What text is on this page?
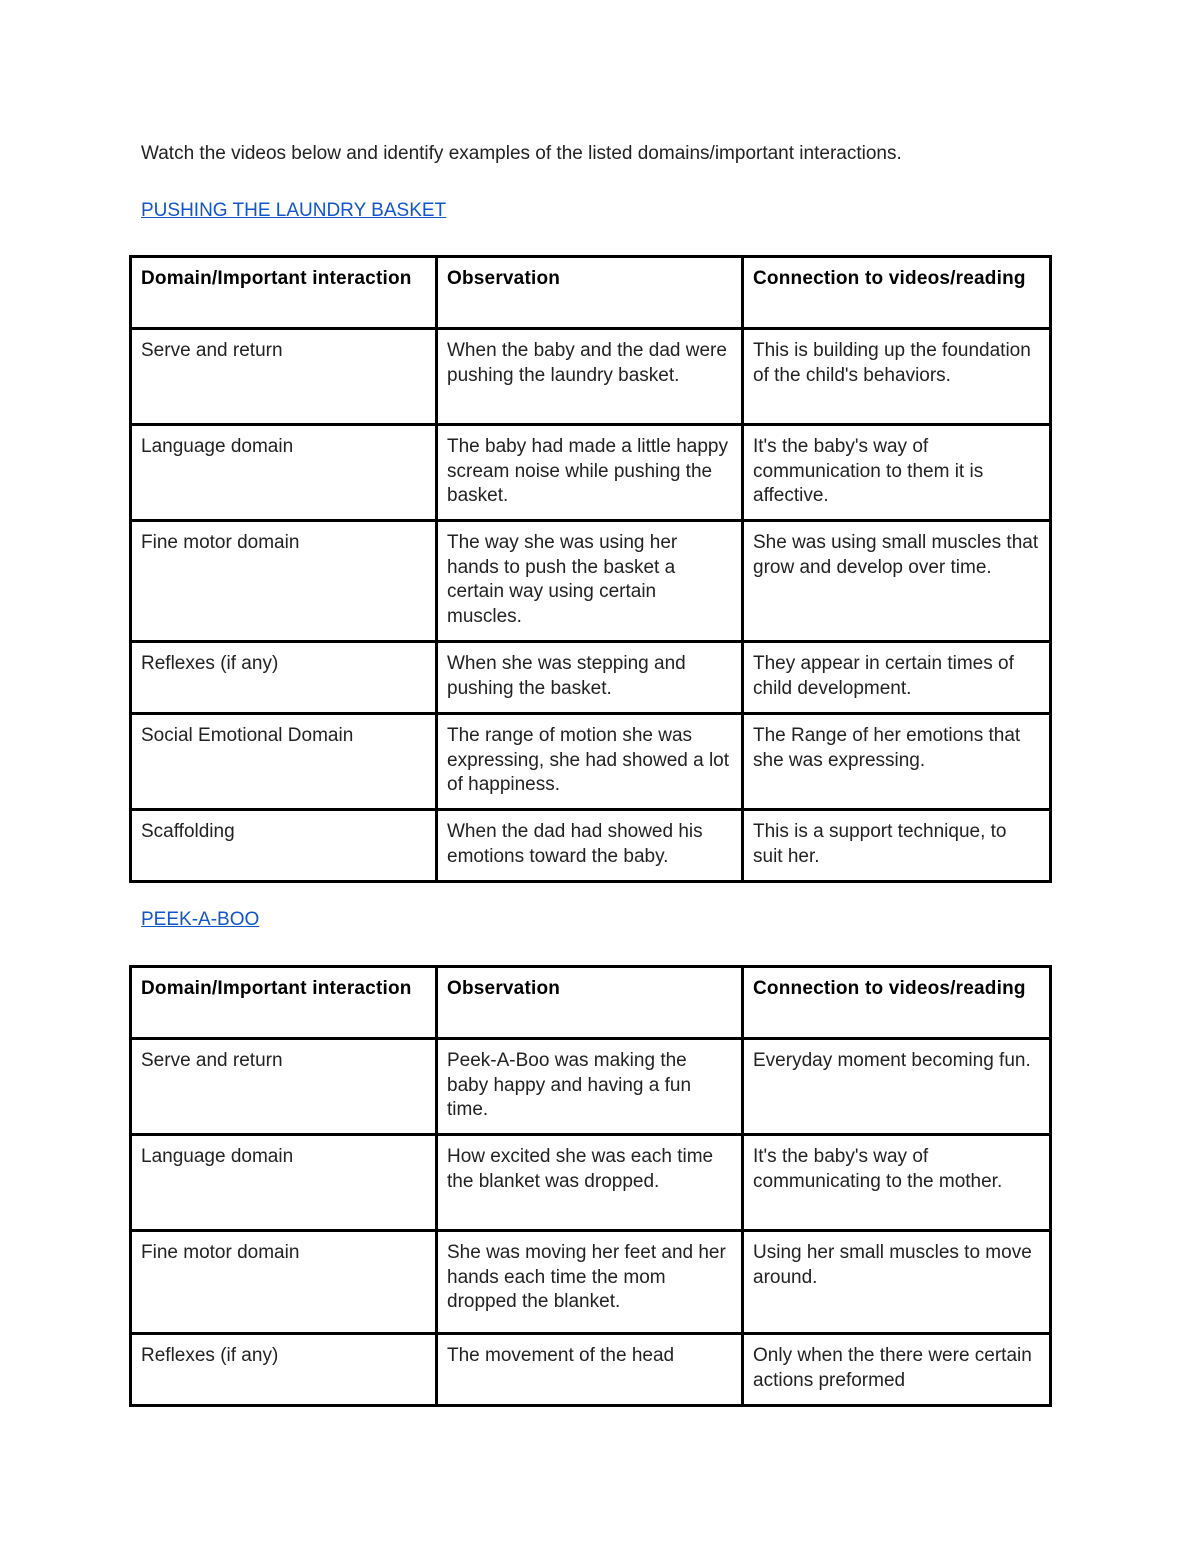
Watch the videos below and identify examples of the listed domains/important interactions.
PUSHING THE LAUNDRY BASKET
Domain/Important interaction	Observation	Connection to videos/reading
Serve and return	When the baby and the dad were pushing the laundry basket.	This is building up the foundation of the child's behaviors.
Language domain	The baby had made a little happy scream noise while pushing the basket.	It's the baby's way of communication to them it is affective.
Fine motor domain	The way she was using her hands to push the basket a certain way using certain muscles.	She was using small muscles that grow and develop over time.
Reflexes (if any)	When she was stepping and pushing the basket.	They appear in certain times of child development.
Social Emotional Domain	The range of motion she was expressing, she had showed a lot of happiness.	The Range of her emotions that she was expressing.
Scaffolding	When the dad had showed his emotions toward the baby.	This is a support technique, to suit her.
PEEK-A-BOO
Domain/Important interaction	Observation	Connection to videos/reading
Serve and return	Peek-A-Boo was making the baby happy and having a fun time.	Everyday moment becoming fun.
Language domain	How excited she was each time the blanket was dropped.	It's the baby's way of communicating to the mother.
Fine motor domain	She was moving her feet and her hands each time the mom dropped the blanket.	Using her small muscles to move around.
Reflexes (if any)	The movement of the head	Only when the there were certain actions preformed
